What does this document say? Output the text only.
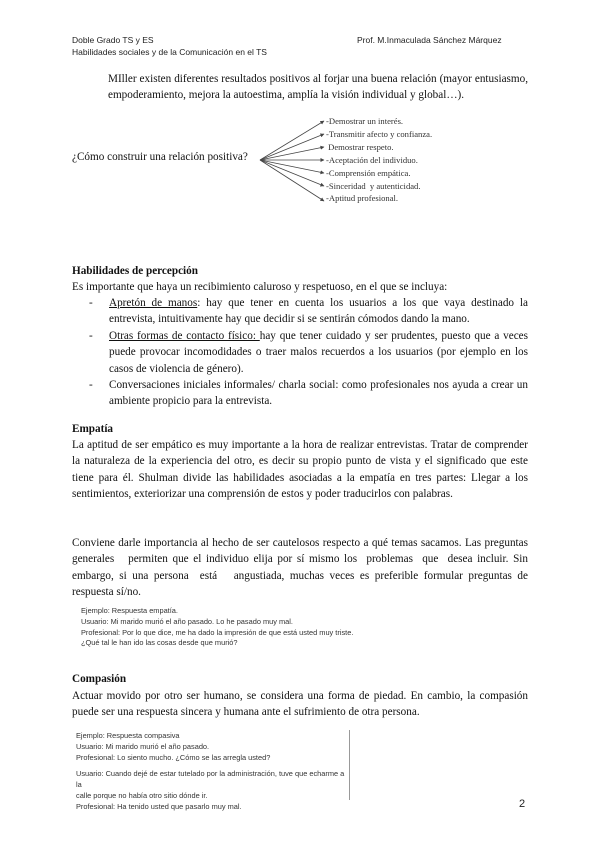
Doble Grado TS y ES
Habilidades sociales y de la Comunicación en el TS
Prof. M.Inmaculada Sánchez Márquez
MIller existen diferentes resultados positivos al forjar una buena relación (mayor entusiasmo, empoderamiento, mejora la autoestima, amplía la visión individual y global…).
¿Cómo construir una relación positiva?
-Demostrar un interés.
-Transmitir afecto y confianza.
Demostrar respeto.
-Aceptación del individuo.
-Comprensión empática.
-Sinceridad  y autenticidad.
-Aptitud profesional.
Habilidades de percepción
Es importante que haya un recibimiento caluroso y respetuoso, en el que se incluya:
- Apretón de manos: hay que tener en cuenta los usuarios a los que vaya destinado la entrevista, intuitivamente hay que decidir si se sentirán cómodos dando la mano.
- Otras formas de contacto físico: hay que tener cuidado y ser prudentes, puesto que a veces puede provocar incomodidades o traer malos recuerdos a los usuarios (por ejemplo en los casos de violencia de género).
- Conversaciones iniciales informales/ charla social: como profesionales nos ayuda a crear un ambiente propicio para la entrevista.
Empatía
La aptitud de ser empático es muy importante a la hora de realizar entrevistas. Tratar de comprender la naturaleza de la experiencia del otro, es decir su propio punto de vista y el significado que este tiene para él. Shulman divide las habilidades asociadas a la empatía en tres partes: Llegar a los sentimientos, exteriorizar una comprensión de estos y poder traducirlos con palabras.
Conviene darle importancia al hecho de ser cautelosos respecto a qué temas sacamos. Las preguntas generales   permiten que el individuo elija por sí mismo los  problemas  que  desea incluir. Sin embargo, si una persona  está   angustiada, muchas veces es preferible formular preguntas de respuesta sí/no.
Ejemplo: Respuesta empatía.
Usuario: Mi marido murió el año pasado. Lo he pasado muy mal.
Profesional: Por lo que dice, me ha dado la impresión de que está usted muy triste.
¿Qué tal le han ido las cosas desde que murió?
Compasión
Actuar movido por otro ser humano, se considera una forma de piedad. En cambio, la compasión puede ser una respuesta sincera y humana ante el sufrimiento de otra persona.
Ejemplo: Respuesta compasiva
Usuario: Mi marido murió el año pasado.
Profesional: Lo siento mucho. ¿Cómo se las arregla usted?
Usuario: Cuando dejé de estar tutelado por la administración, tuve que echarme a la
calle porque no había otro sitio dónde ir.
Profesional: Ha tenido usted que pasarlo muy mal.	2
